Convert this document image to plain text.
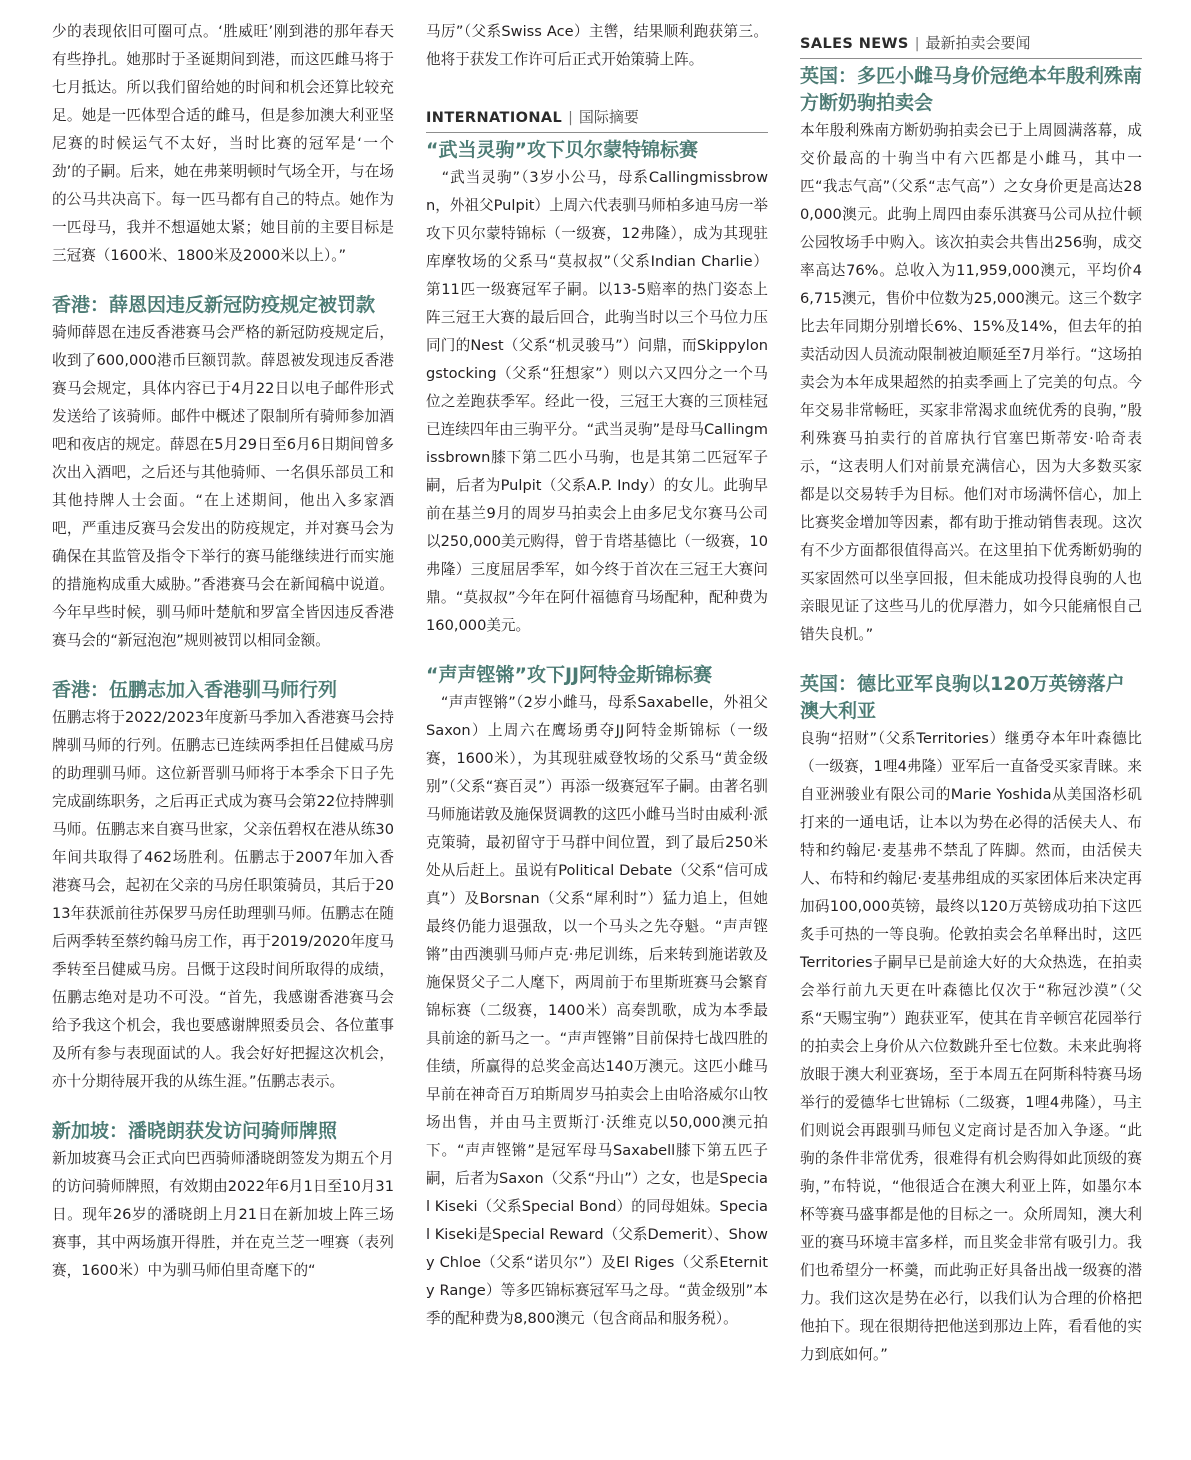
少的表现依旧可圈可点。‘胜威旺’刚到港的那年春天有些挣扎。她那时于圣诞期间到港，而这匹雌马将于七月抵达。所以我们留给她的时间和机会还算比较充足。她是一匹体型合适的雌马，但是参加澳大利亚坚尼赛的时候运气不太好，当时比赛的冠军是‘一个劲’的子嗣。后来，她在弗莱明顿时气场全开，与在场的公马共决高下。每一匹马都有自己的特点。她作为一匹母马，我并不想逼她太紧；她目前的主要目标是三冠赛（1600米、1800米及2000米以上）。”

香港：薛恩因违反新冠防疫规定被罚款

骑师薛恩在违反香港赛马会严格的新冠防疫规定后，收到了600,000港币巨额罚款。薛恩被发现违反香港赛马会规定，具体内容已于4月22日以电子邮件形式发送给了该骑师。邮件中概述了限制所有骑师参加酒吧和夜店的规定。薛恩在5月29日至6月6日期间曾多次出入酒吧，之后还与其他骑师、一名俱乐部员工和其他持牌人士会面。“在上述期间，他出入多家酒吧，严重违反赛马会发出的防疫规定，并对赛马会为确保在其监管及指令下举行的赛马能继续进行而实施的措施构成重大威胁。”香港赛马会在新闻稿中说道。今年早些时候，驯马师叶楚航和罗富全皆因违反香港赛马会的“新冠泡泡”规则被罚以相同金额。

香港：伍鹏志加入香港驯马师行列

伍鹏志将于2022/2023年度新马季加入香港赛马会持牌驯马师的行列。伍鹏志已连续两季担任吕健威马房的助理驯马师。这位新晋驯马师将于本季余下日子先完成副练职务，之后再正式成为赛马会第22位持牌驯马师。伍鹏志来自赛马世家，父亲伍碧权在港从练30年间共取得了462场胜利。伍鹏志于2007年加入香港赛马会，起初在父亲的马房任职策骑员，其后于2013年获派前往苏保罗马房任助理驯马师。伍鹏志在随后两季转至蔡约翰马房工作，再于2019/2020年度马季转至吕健威马房。吕慨于这段时间所取得的成绩，伍鹏志绝对是功不可没。“首先，我感谢香港赛马会给予我这个机会，我也要感谢牌照委员会、各位董事及所有参与表现面试的人。我会好好把握这次机会，亦十分期待展开我的从练生涯。”伍鹏志表示。

新加坡：潘晓朗获发访问骑师牌照

新加坡赛马会正式向巴西骑师潘晓朗签发为期五个月的访问骑师牌照，有效期由2022年6月1日至10月31日。现年26岁的潘晓朗上月21日在新加坡上阵三场赛事，其中两场旗开得胜，并在克兰芝一哩赛（表列赛，1600米）中为驯马师伯里奇麾下的“

马厉”（父系Swiss Ace）主辔，结果顺利跑获第三。他将于获发工作许可后正式开始策骑上阵。

INTERNATIONAL | 国际摘要
“武当灵驹”攻下贝尔蒙特锦标赛

　“武当灵驹”（3岁小公马，母系Callingmissbrown，外祖父Pulpit）上周六代表驯马师柏多迪马房一举攻下贝尔蒙特锦标（一级赛，12弗隆），成为其现驻库摩牧场的父系马“莫叔叔”（父系Indian Charlie）第11匹一级赛冠军子嗣。以13-5赔率的热门姿态上阵三冠王大赛的最后回合，此驹当时以三个马位力压同门的Nest（父系“机灵骏马”）问鼎，而Skippylongstocking（父系“狂想家”）则以六又四分之一个马位之差跑获季军。经此一役，三冠王大赛的三顶桂冠已连续四年由三驹平分。“武当灵驹”是母马Callingmissbrown膝下第二匹小马驹，也是其第二匹冠军子嗣，后者为Pulpit（父系A.P. Indy）的女儿。此驹早前在基兰9月的周岁马拍卖会上由多尼戈尔赛马公司以250,000美元购得，曾于肯塔基德比（一级赛，10弗隆）三度屈居季军，如今终于首次在三冠王大赛问鼎。“莫叔叔”今年在阿什福德育马场配种，配种费为160,000美元。

“声声铿锵”攻下JJ阿特金斯锦标赛

　“声声铿锵”（2岁小雌马，母系Saxabelle，外祖父Saxon）上周六在鹰场勇夺JJ阿特金斯锦标（一级赛，1600米），为其现驻威登牧场的父系马“黄金级别”（父系“赛百灵”）再添一级赛冠军子嗣。由著名驯马师施诺敦及施保贤调教的这匹小雌马当时由威利·派克策骑，最初留守于马群中间位置，到了最后250米处从后赶上。虽说有Political Debate（父系“信可成真”）及Borsnan（父系“犀利时”）猛力追上，但她最终仍能力退强敌，以一个马头之先夺魁。“声声铿锵”由西澳驯马师卢克·弗尼训练，后来转到施诺敦及施保贤父子二人麾下，两周前于布里斯班赛马会繁育锦标赛（二级赛，1400米）高奏凯歌，成为本季最具前途的新马之一。“声声铿锵”目前保持七战四胜的佳绩，所赢得的总奖金高达140万澳元。这匹小雌马早前在神奇百万珀斯周岁马拍卖会上由哈洛威尔山牧场出售，并由马主贾斯汀·沃维克以50,000澳元拍下。“声声铿锵”是冠军母马Saxabell膝下第五匹子嗣，后者为Saxon（父系“丹山”）之女，也是Special Kiseki（父系Special Bond）的同母姐妹。Special Kiseki是Special Reward（父系Demerit）、Showy Chloe（父系“诺贝尔”）及El Riges（父系Eternity Range）等多匹锦标赛冠军马之母。“黄金级别”本季的配种费为8,800澳元（包含商品和服务税）。

SALES NEWS | 最新拍卖会要闻
英国：多匹小雌马身价冠绝本年殷利殊南方断奶驹拍卖会

本年殷利殊南方断奶驹拍卖会已于上周圆满落幕，成交价最高的十驹当中有六匹都是小雌马，其中一匹“我志气高”（父系“志气高”）之女身价更是高达280,000澳元。此驹上周四由泰乐淇赛马公司从拉什顿公园牧场手中购入。该次拍卖会共售出256驹，成交率高达76%。总收入为11,959,000澳元，平均价46,715澳元，售价中位数为25,000澳元。这三个数字比去年同期分别增长6%、15%及14%，但去年的拍卖活动因人员流动限制被迫顺延至7月举行。“这场拍卖会为本年成果超然的拍卖季画上了完美的句点。今年交易非常畅旺，买家非常渴求血统优秀的良驹，”殷利殊赛马拍卖行的首席执行官塞巴斯蒂安·哈奇表示，“这表明人们对前景充满信心，因为大多数买家都是以交易转手为目标。他们对市场满怀信心，加上比赛奖金增加等因素，都有助于推动销售表现。这次有不少方面都很值得高兴。在这里拍下优秀断奶驹的买家固然可以坐享回报，但未能成功投得良驹的人也亲眼见证了这些马儿的优厚潜力，如今只能痛恨自己错失良机。”

英国：德比亚军良驹以120万英镑落户澳大利亚

良驹“招财”（父系Territories）继勇夺本年叶森德比（一级赛，1哩4弗隆）亚军后一直备受买家青睐。来自亚洲骏业有限公司的Marie Yoshida从美国洛杉矶打来的一通电话，让本以为势在必得的活侯夫人、布特和约翰尼·麦基弗不禁乱了阵脚。然而，由活侯夫人、布特和约翰尼·麦基弗组成的买家团体后来决定再加码100,000英镑，最终以120万英镑成功拍下这匹炙手可热的一等良驹。伦敦拍卖会名单释出时，这匹Territories子嗣早已是前途大好的大众热选，在拍卖会举行前九天更在叶森德比仅次于“称冠沙漠”（父系“天赐宝驹”）跑获亚军，使其在肯辛顿宫花园举行的拍卖会上身价从六位数跳升至七位数。未来此驹将放眼于澳大利亚赛场，至于本周五在阿斯科特赛马场举行的爱德华七世锦标（二级赛，1哩4弗隆），马主们则说会再跟驯马师包义定商讨是否加入争逐。“此驹的条件非常优秀，很难得有机会购得如此顶级的赛驹，”布特说，“他很适合在澳大利亚上阵，如墨尔本杯等赛马盛事都是他的目标之一。众所周知，澳大利亚的赛马环境丰富多样，而且奖金非常有吸引力。我们也希望分一杯羹，而此驹正好具备出战一级赛的潜力。我们这次是势在必行，以我们认为合理的价格把他拍下。现在很期待把他送到那边上阵，看看他的实力到底如何。”
